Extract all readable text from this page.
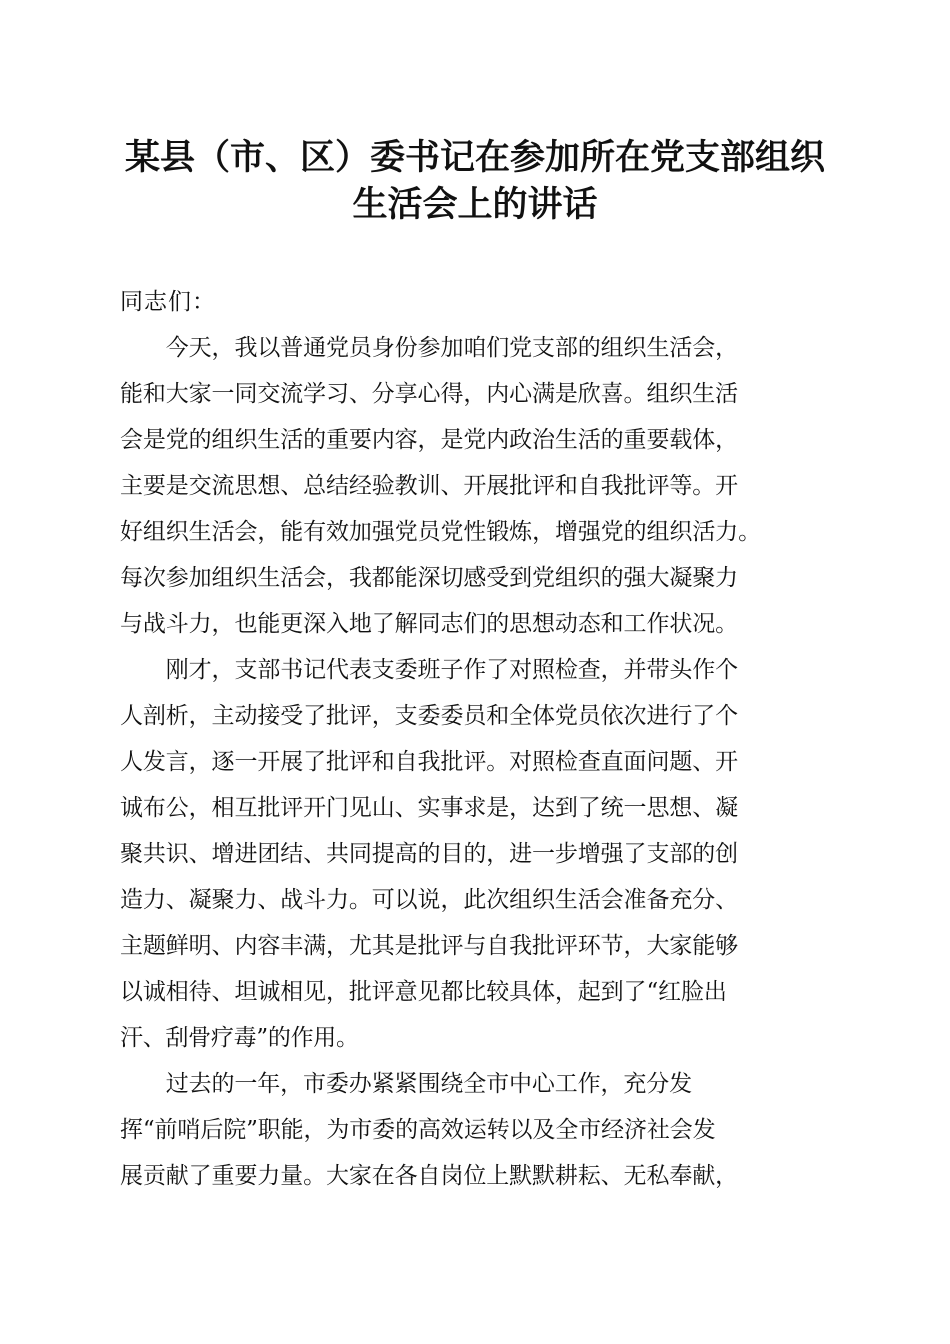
某县（市、区）委书记在参加所在党支部组织
生活会上的讲话
同志们：
　　今天，我以普通党员身份参加咱们党支部的组织生活会，
能和大家一同交流学习、分享心得，内心满是欣喜。组织生活
会是党的组织生活的重要内容，是党内政治生活的重要载体，
主要是交流思想、总结经验教训、开展批评和自我批评等。开
好组织生活会，能有效加强党员党性锻炼，增强党的组织活力。
每次参加组织生活会，我都能深切感受到党组织的强大凝聚力
与战斗力，也能更深入地了解同志们的思想动态和工作状况。
　　刚才，支部书记代表支委班子作了对照检查，并带头作个
人剖析，主动接受了批评，支委委员和全体党员依次进行了个
人发言，逐一开展了批评和自我批评。对照检查直面问题、开
诚布公，相互批评开门见山、实事求是，达到了统一思想、凝
聚共识、增进团结、共同提高的目的，进一步增强了支部的创
造力、凝聚力、战斗力。可以说，此次组织生活会准备充分、
主题鲜明、内容丰满，尤其是批评与自我批评环节，大家能够
以诚相待、坦诚相见，批评意见都比较具体，起到了“红脸出
汗、刮骨疗毒”的作用。
　　过去的一年，市委办紧紧围绕全市中心工作，充分发
挥“前哨后院”职能，为市委的高效运转以及全市经济社会发
展贡献了重要力量。大家在各自岗位上默默耕耘、无私奉献，
